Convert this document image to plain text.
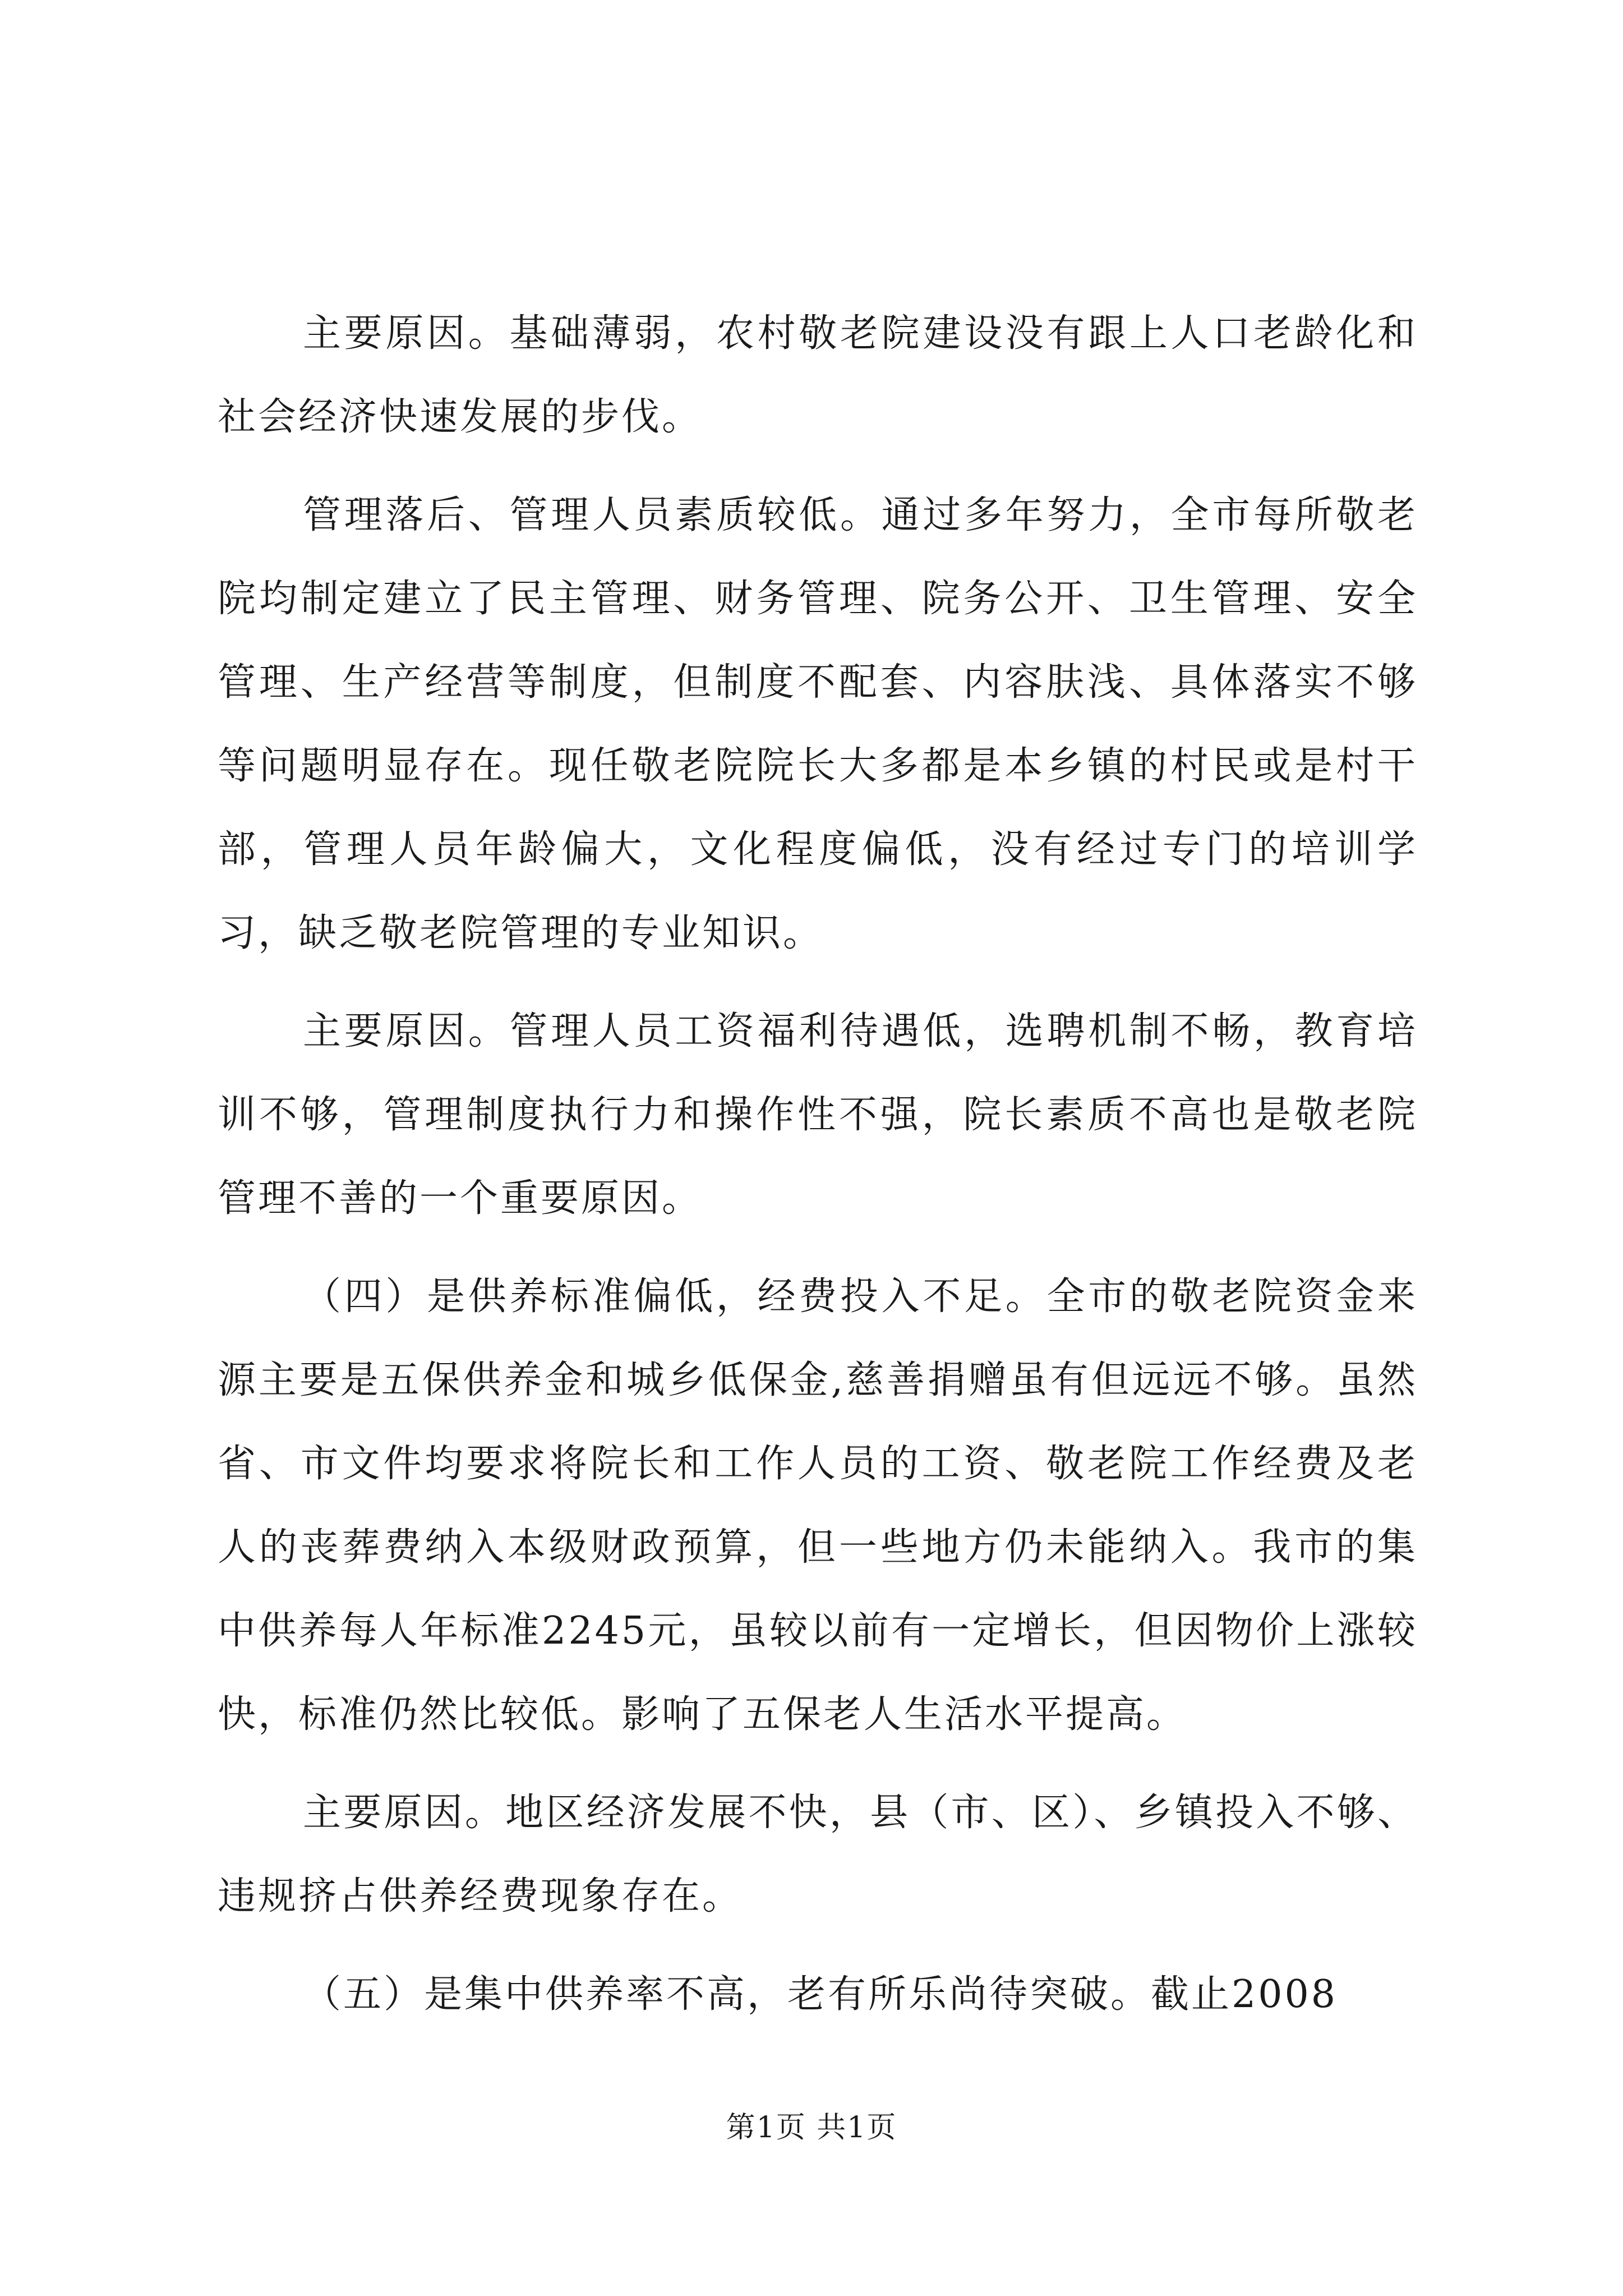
主要原因。基础薄弱，农村敬老院建设没有跟上人口老龄化和社会经济快速发展的步伐。

管理落后、管理人员素质较低。通过多年努力，全市每所敬老院均制定建立了民主管理、财务管理、院务公开、卫生管理、安全管理、生产经营等制度，但制度不配套、内容肤浅、具体落实不够等问题明显存在。现任敬老院院长大多都是本乡镇的村民或是村干部，管理人员年龄偏大，文化程度偏低，没有经过专门的培训学习，缺乏敬老院管理的专业知识。

主要原因。管理人员工资福利待遇低，选聘机制不畅，教育培训不够，管理制度执行力和操作性不强，院长素质不高也是敬老院管理不善的一个重要原因。

（四）是供养标准偏低，经费投入不足。全市的敬老院资金来源主要是五保供养金和城乡低保金,慈善捐赠虽有但远远不够。虽然省、市文件均要求将院长和工作人员的工资、敬老院工作经费及老人的丧葬费纳入本级财政预算，但一些地方仍未能纳入。我市的集中供养每人年标准2245元，虽较以前有一定增长，但因物价上涨较快，标准仍然比较低。影响了五保老人生活水平提高。

主要原因。地区经济发展不快，县（市、区）、乡镇投入不够、违规挤占供养经费现象存在。

（五）是集中供养率不高，老有所乐尚待突破。截止2008

第1页 共1页
